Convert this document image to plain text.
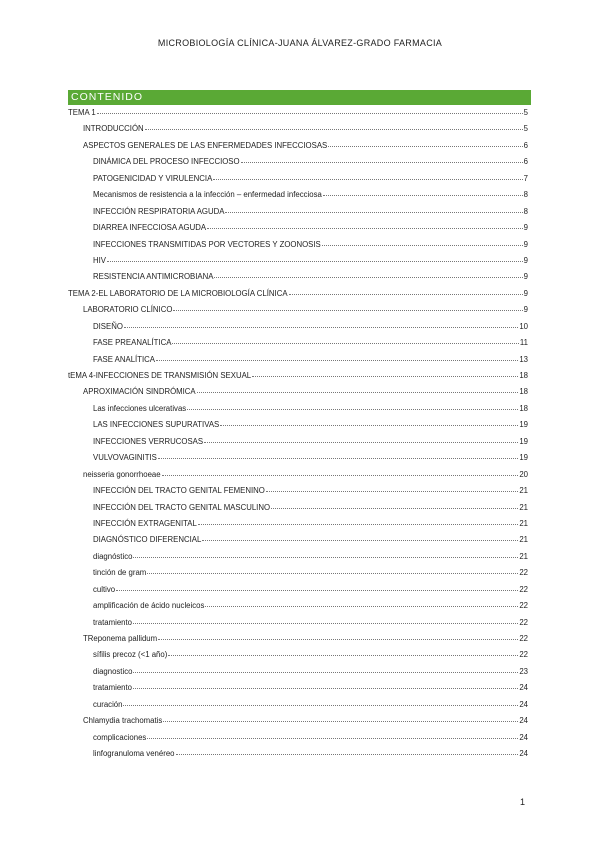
MICROBIOLOGÍA CLÍNICA-JUANA ÁLVAREZ-GRADO FARMACIA
CONTENIDO
TEMA 1	5
INTRODUCCIÓN	5
ASPECTOS GENERALES DE LAS ENFERMEDADES INFECCIOSAS	6
DINÁMICA DEL PROCESO INFECCIOSO	6
PATOGENICIDAD Y VIRULENCIA	7
Mecanismos de resistencia a la infección – enfermedad infecciosa	8
INFECCIÓN RESPIRATORIA AGUDA	8
DIARREA INFECCIOSA AGUDA	9
INFECCIONES TRANSMITIDAS POR VECTORES Y ZOONOSIS	9
HIV	9
RESISTENCIA ANTIMICROBIANA	9
TEMA 2-EL LABORATORIO DE LA MICROBIOLOGÍA CLÍNICA	9
LABORATORIO CLÍNICO	9
DISEÑO	10
FASE PREANALÍTICA	11
FASE ANALÍTICA	13
tEMA 4-INFECCIONES DE TRANSMISIÓN SEXUAL	18
APROXIMACIÓN SINDRÓMICA	18
Las infecciones ulcerativas	18
LAS INFECCIONES SUPURATIVAS	19
INFECCIONES VERRUCOSAS	19
VULVOVAGINITIS	19
neisseria gonorrhoeae	20
INFECCIÓN DEL TRACTO GENITAL FEMENINO	21
INFECCIÓN DEL TRACTO GENITAL MASCULINO	21
INFECCIÓN EXTRAGENITAL	21
DIAGNÓSTICO DIFERENCIAL	21
diagnóstico	21
tinción de gram	22
cultivo	22
amplificación de ácido nucleicos	22
tratamiento	22
TReponema pallidum	22
sífilis precoz (<1 año)	22
diagnostico	23
tratamiento	24
curación	24
Chlamydia trachomatis	24
complicaciones	24
linfogranuloma venéreo	24
1
